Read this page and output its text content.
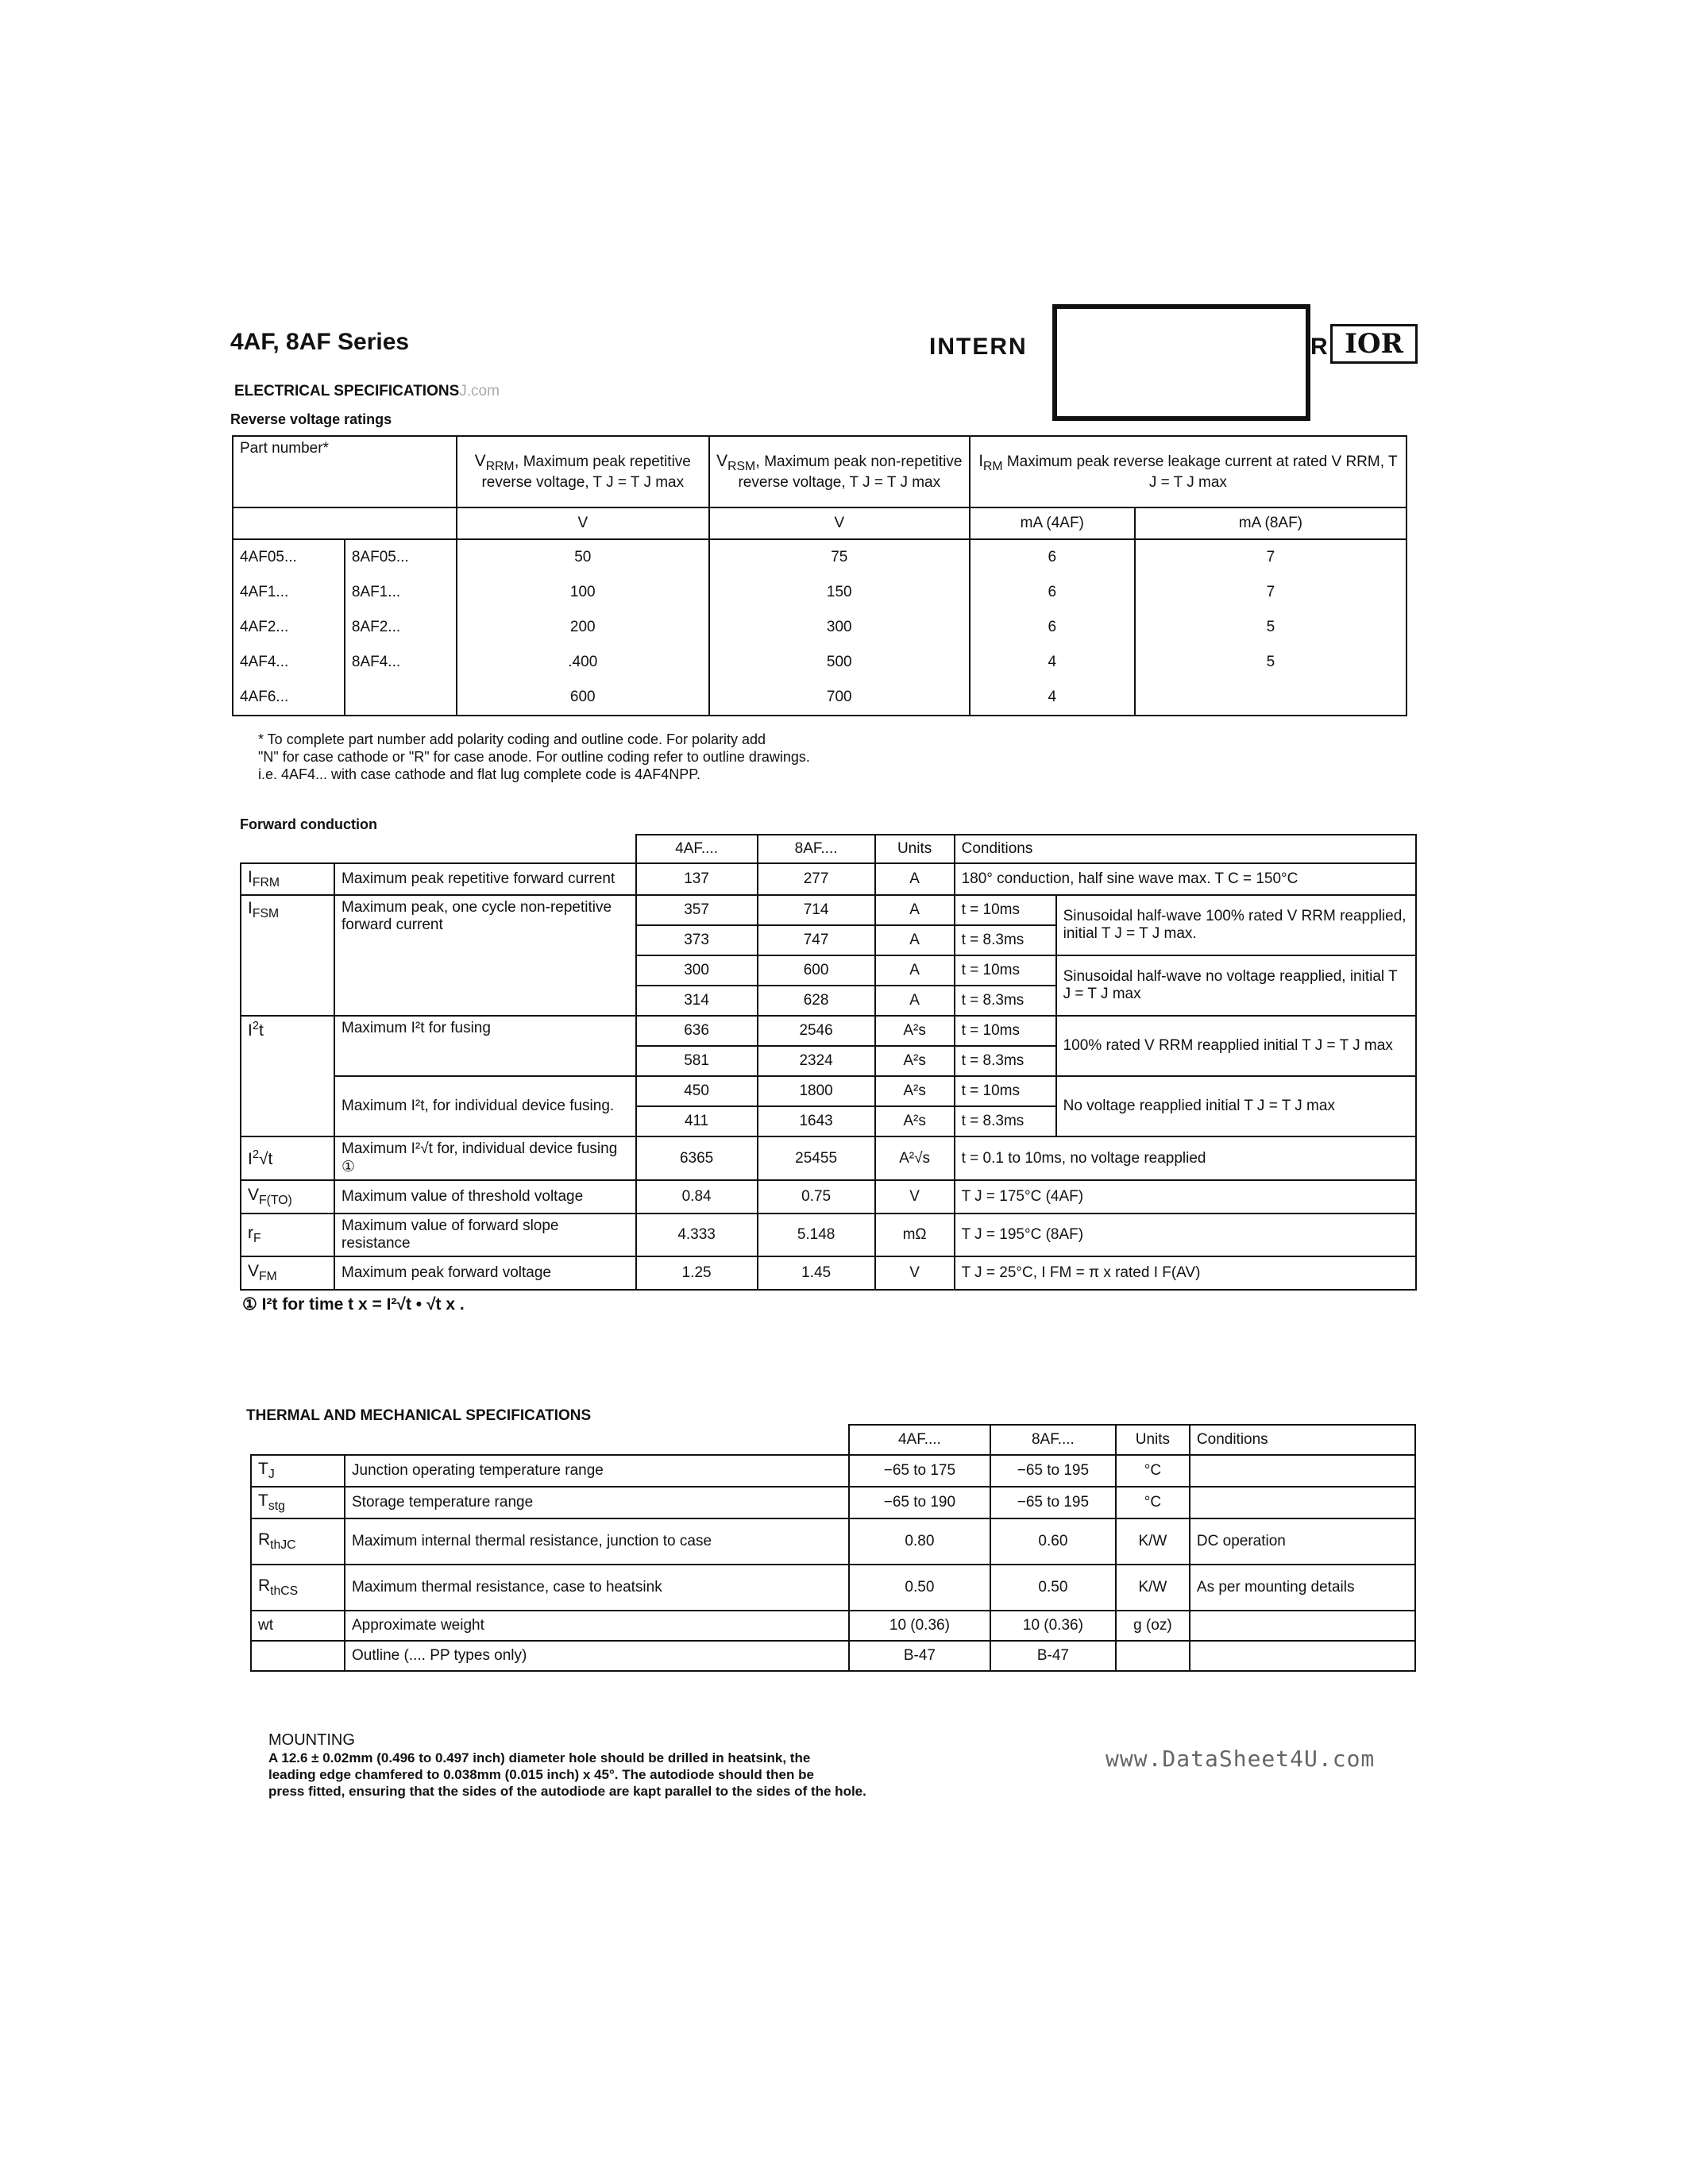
4AF, 8AF Series	INTERN	R IOR
ELECTRICAL SPECIFICATIONSJ.com
Reverse voltage ratings
Part number*		$V_{RRM}$, Maximum peak repetitive reverse voltage, T J = T J max	$V_{RSM}$, Maximum peak non-repetitive reverse voltage, T J = T J max	$I_{RM}$ Maximum peak reverse leakage current at rated V RRM, T J = T J max	
		V	V	mA (4AF)	mA (8AF)
4AF05...	8AF05...	50	75	6	7
4AF1...	8AF1...	100	150	6	7
4AF2...	8AF2...	200	300	6	5
4AF4...	8AF4...	.400	500	4	5
4AF6...		600	700	4	
* To complete part number add polarity coding and outline code. For polarity add
"N" for case cathode or "R" for case anode. For outline coding refer to outline drawings.
i.e. 4AF4... with case cathode and flat lug complete code is 4AF4NPP.
Forward conduction
		4AF....	8AF....	Units	Conditions	
$I_{FRM}$	Maximum peak repetitive forward current	137	277	A	180° conduction, half sine wave max. T C = 150°C	
$I_{FSM}$	Maximum peak, one cycle non-repetitive forward current	357	714	A	t = 10ms	Sinusoidal half-wave 100% rated V RRM reapplied, initial T J = T J max.
		373	747	A	t = 8.3ms	
		300	600	A	t = 10ms	Sinusoidal half-wave no voltage reapplied, initial T J = T J max
		314	628	A	t = 8.3ms	
$I^2t$	Maximum I²t for fusing	636	2546	A²s	t = 10ms	100% rated V RRM reapplied initial T J = T J max
		581	2324	A²s	t = 8.3ms	
	Maximum I²t, for individual device fusing.	450	1800	A²s	t = 10ms	No voltage reapplied initial T J = T J max
		411	1643	A²s	t = 8.3ms	
$I^2√t$	Maximum I²√t for, individual device fusing ①	6365	25455	A²√s	t = 0.1 to 10ms, no voltage reapplied	
$V_{F(TO)}$	Maximum value of threshold voltage	0.84	0.75	V	T J = 175°C (4AF)	
$r_F$	Maximum value of forward slope resistance	4.333	5.148	mΩ	T J = 195°C (8AF)	
$V_{FM}$	Maximum peak forward voltage	1.25	1.45	V	T J = 25°C, I FM = π x rated I F(AV)	
① I²t for time t x = I²√t • √t x .
THERMAL AND MECHANICAL SPECIFICATIONS
		4AF....	8AF....	Units	Conditions
$T_J$	Junction operating temperature range	−65 to 175	−65 to 195	°C	
$T_{stg}$	Storage temperature range	−65 to 190	−65 to 195	°C	
$R_{thJC}$	Maximum internal thermal resistance, junction to case	0.80	0.60	K/W	DC operation
$R_{thCS}$	Maximum thermal resistance, case to heatsink	0.50	0.50	K/W	As per mounting details
wt	Approximate weight	10 (0.36)	10 (0.36)	g (oz)	
	Outline (.... PP types only)	B-47	B-47		
MOUNTING
A 12.6 ± 0.02mm (0.496 to 0.497 inch) diameter hole should be drilled in heatsink, the
leading edge chamfered to 0.038mm (0.015 inch) x 45°. The autodiode should then be
press fitted, ensuring that the sides of the autodiode are kapt parallel to the sides of the hole.
www.DataSheet4U.com
